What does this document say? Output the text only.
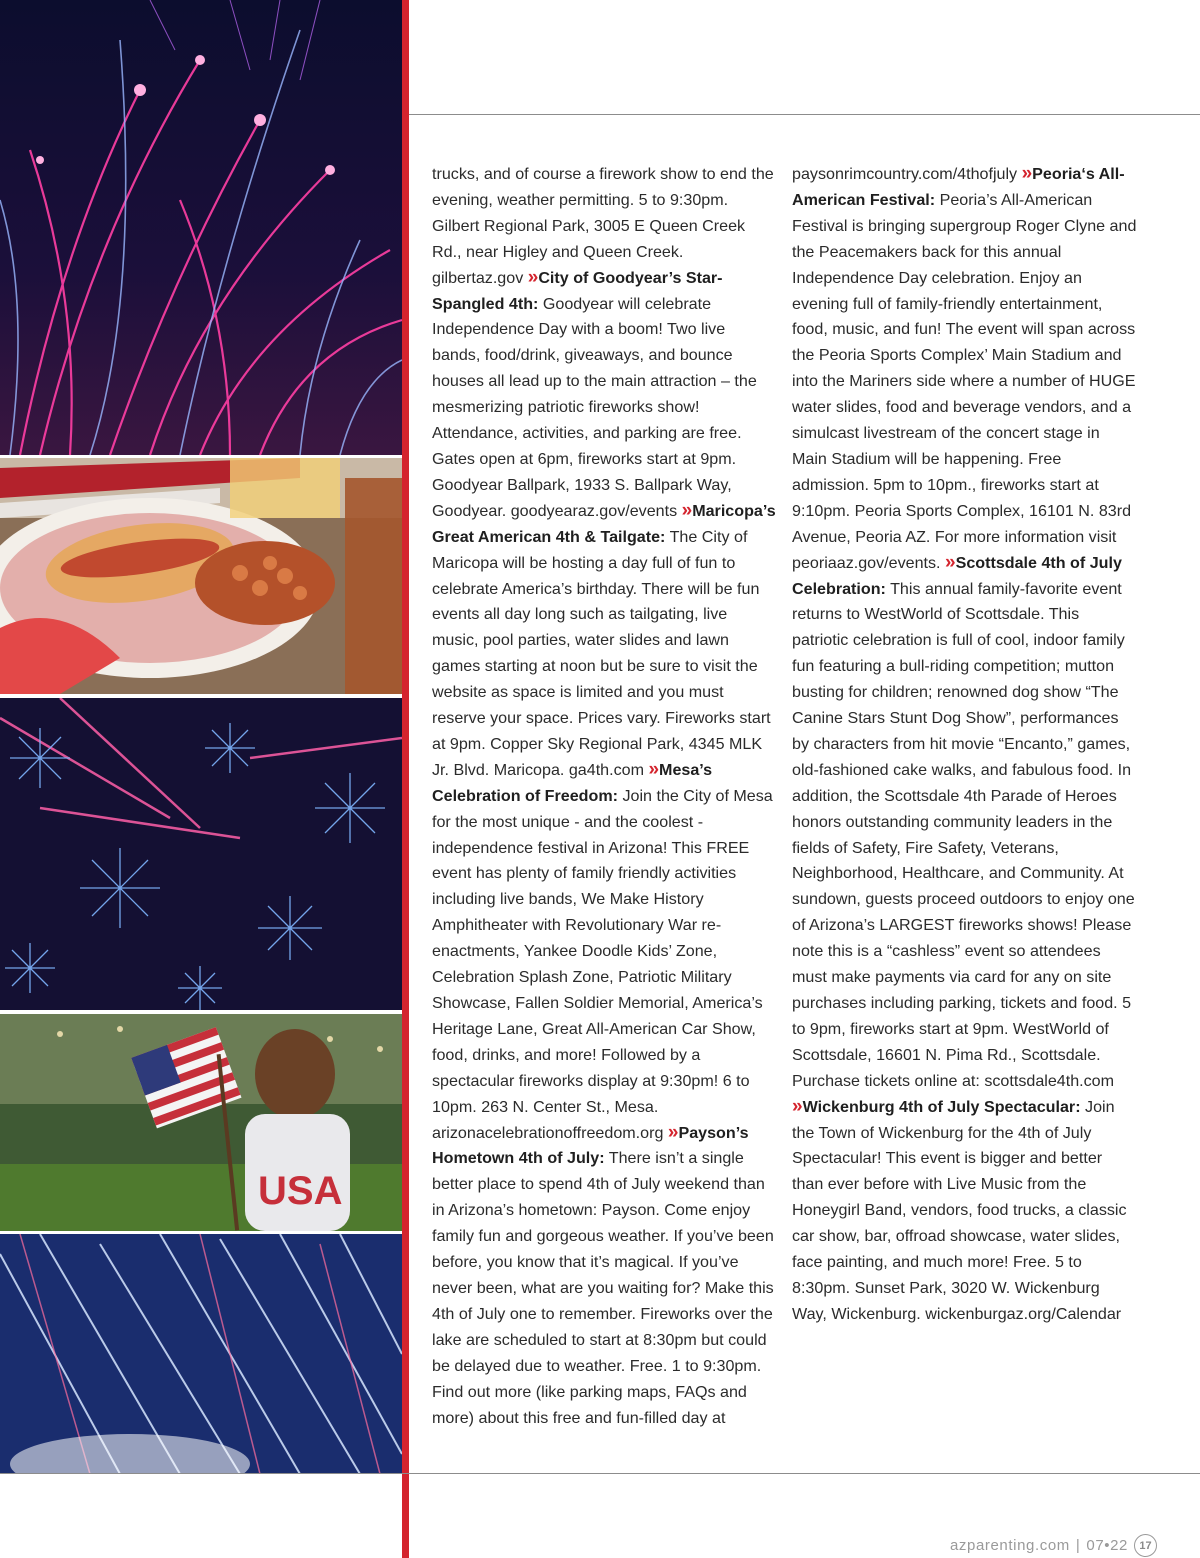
USA

trucks, and of course a firework show to end the evening, weather permitting. 5 to 9:30pm. Gilbert Regional Park, 3005 E Queen Creek Rd., near Higley and Queen Creek. gilbertaz.gov »City of Goodyear’s Star-Spangled 4th: Goodyear will celebrate Independence Day with a boom! Two live bands, food/drink, giveaways, and bounce houses all lead up to the main attraction – the mesmerizing patriotic fireworks show! Attendance, activities, and parking are free. Gates open at 6pm, fireworks start at 9pm. Goodyear Ballpark, 1933 S. Ballpark Way, Goodyear. goodyearaz.gov/events »Maricopa’s Great American 4th & Tailgate: The City of Maricopa will be hosting a day full of fun to celebrate America’s birthday. There will be fun events all day long such as tailgating, live music, pool parties, water slides and lawn games starting at noon but be sure to visit the website as space is limited and you must reserve your space. Prices vary. Fireworks start at 9pm. Copper Sky Regional Park, 4345 MLK Jr. Blvd. Maricopa. ga4th.com »Mesa’s Celebration of Freedom: Join the City of Mesa for the most unique - and the coolest - independence festival in Arizona! This FREE event has plenty of family friendly activities including live bands, We Make History Amphitheater with Revolutionary War re-enactments, Yankee Doodle Kids’ Zone, Celebration Splash Zone, Patriotic Military Showcase, Fallen Soldier Memorial, America’s Heritage Lane, Great All-American Car Show, food, drinks, and more! Followed by a spectacular fireworks display at 9:30pm! 6 to 10pm. 263 N. Center St., Mesa. arizonacelebrationoffreedom.org »Payson’s Hometown 4th of July: There isn’t a single better place to spend 4th of July weekend than in Arizona’s hometown: Payson. Come enjoy family fun and gorgeous weather. If you’ve been before, you know that it’s magical. If you’ve never been, what are you waiting for? Make this 4th of July one to remember. Fireworks over the lake are scheduled to start at 8:30pm but could be delayed due to weather. Free. 1 to 9:30pm. Find out more (like parking maps, FAQs and more) about this free and fun-filled day at

paysonrimcountry.com/4thofjuly »Peoria‘s All-American Festival: Peoria’s All-American Festival is bringing supergroup Roger Clyne and the Peacemakers back for this annual Independence Day celebration. Enjoy an evening full of family-friendly entertainment, food, music, and fun! The event will span across the Peoria Sports Complex’ Main Stadium and into the Mariners side where a number of HUGE water slides, food and beverage vendors, and a simulcast livestream of the concert stage in Main Stadium will be happening. Free admission. 5pm to 10pm., fireworks start at 9:10pm. Peoria Sports Complex, 16101 N. 83rd Avenue, Peoria AZ. For more information visit peoriaaz.gov/events. »Scottsdale 4th of July Celebration: This annual family-favorite event returns to WestWorld of Scottsdale. This patriotic celebration is full of cool, indoor family fun featuring a bull-riding competition; mutton busting for children; renowned dog show “The Canine Stars Stunt Dog Show”, performances by characters from hit movie “Encanto,” games, old-fashioned cake walks, and fabulous food. In addition, the Scottsdale 4th Parade of Heroes honors outstanding community leaders in the fields of Safety, Fire Safety, Veterans, Neighborhood, Healthcare, and Community. At sundown, guests proceed outdoors to enjoy one of Arizona’s LARGEST fireworks shows! Please note this is a “cashless” event so attendees must make payments via card for any on site purchases including parking, tickets and food. 5 to 9pm, fireworks start at 9pm. WestWorld of Scottsdale, 16601 N. Pima Rd., Scottsdale. Purchase tickets online at: scottsdale4th.com »Wickenburg 4th of July Spectacular: Join the Town of Wickenburg for the 4th of July Spectacular! This event is bigger and better than ever before with Live Music from the Honeygirl Band, vendors, food trucks, a classic car show, bar, offroad showcase, water slides, face painting, and much more! Free. 5 to 8:30pm. Sunset Park, 3020 W. Wickenburg Way, Wickenburg. wickenburgaz.org/Calendar

azparenting.com | 07•22	17
